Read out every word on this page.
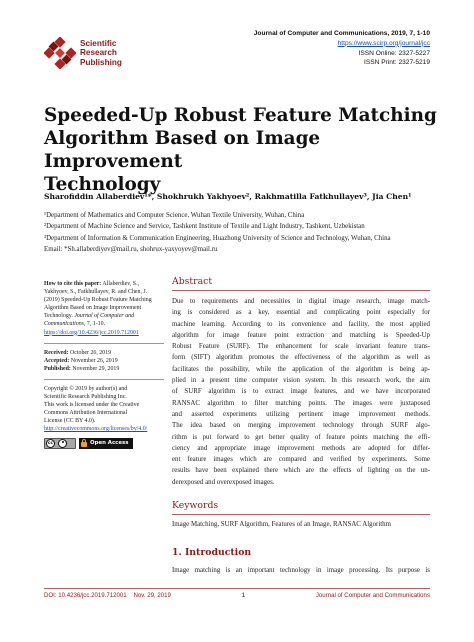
Scientific
Research
Publishing
Journal of Computer and Communications, 2019, 7, 1-10
https://www.scirp.org/journal/jcc
ISSN Online: 2327-5227
ISSN Print: 2327-5219
Speeded-Up Robust Feature Matching
Algorithm Based on Image Improvement
Technology
Sharofiddin Allaberdiev¹*, Shokhrukh Yakhyoev², Rakhmatilla Fatkhullayev³, Jia Chen¹
¹Department of Mathematics and Computer Science, Wuhan Textile University, Wuhan, China
²Department of Machine Science and Service, Tashkent Institute of Textile and Light Industry, Tashkent, Uzbekistan
³Department of Information & Communication Engineering, Huazhong University of Science and Technology, Wuhan, China
Email: *Sh.allaberdiyev@mail.ru, shohrux-yaxyoyev@mail.ru
How to cite this paper: Allaberdiev, S., Yakhyoev, S., Fatkhullayev, R. and Chen, J. (2019) Speeded-Up Robust Feature Matching Algorithm Based on Image Improvement Technology. Journal of Computer and Communications, 7, 1-10.
https://doi.org/10.4236/jcc.2019.712001
Received: October 26, 2019
Accepted: November 26, 2019
Published: November 29, 2019
Copyright © 2019 by author(s) and
Scientific Research Publishing Inc.
This work is licensed under the Creative
Commons Attribution International
License (CC BY 4.0).
http://creativecommons.org/licenses/by/4.0/
cc	Open Access
Abstract
Due to requirements and necessities in digital image research, image match-
ing is considered as a key, essential and complicating point especially for
machine learning. According to its convenience and facility, the most applied
algorithm for image feature point extraction and matching is Speeded-Up
Robust Feature (SURF). The enhancement for scale invariant feature trans-
form (SIFT) algorithm promotes the effectiveness of the algorithm as well as
facilitates the possibility, while the application of the algorithm is being ap-
plied in a present time computer vision system. In this research work, the aim
of SURF algorithm is to extract image features, and we have incorporated
RANSAC algorithm to filter matching points. The images were juxtaposed
and asserted experiments utilizing pertinent image improvement methods.
The idea based on merging improvement technology through SURF algo-
rithm is put forward to get better quality of feature points matching the effi-
ciency and appropriate image improvement methods are adopted for differ-
ent feature images which are compared and verified by experiments. Some
results have been explained there which are the effects of lighting on the un-
derexposed and overexposed images.
Keywords
Image Matching, SURF Algorithm, Features of an Image, RANSAC Algorithm
1. Introduction
Image matching is an important technology in image processing. Its purpose is
DOI: 10.4236/jcc.2019.712001 Nov. 29, 2019	1	Journal of Computer and Communications
